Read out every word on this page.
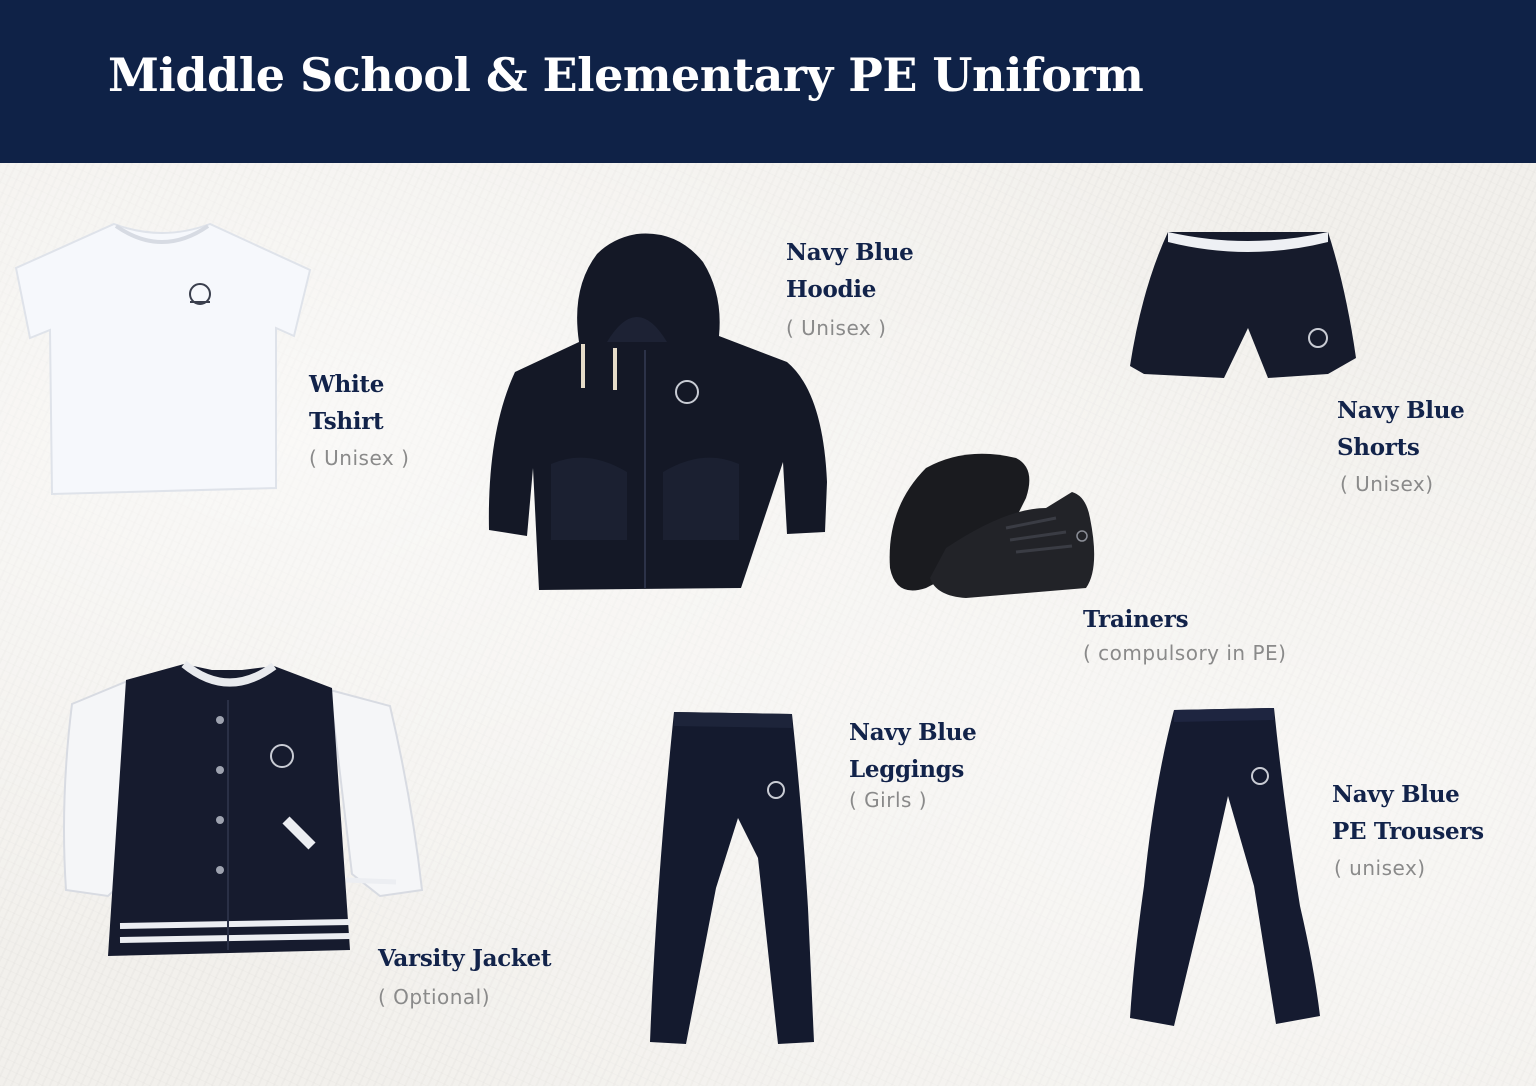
Middle School & Elementary PE Uniform
White
Tshirt
( Unisex )
Navy Blue
Hoodie
( Unisex )
Navy Blue
Shorts
( Unisex)
Trainers
( compulsory in PE)
Varsity Jacket
( Optional)
Navy Blue
Leggings
( Girls )	Navy Blue
PE Trousers
( unisex)
